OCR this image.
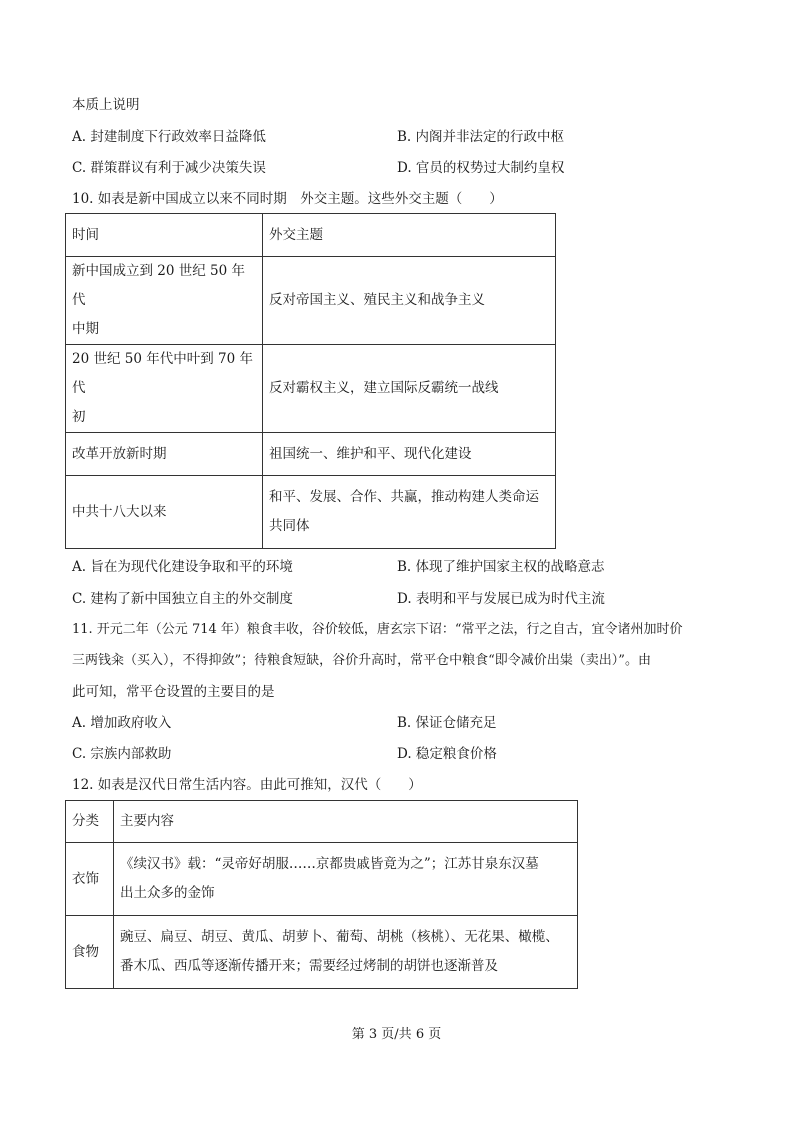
本质上说明
A. 封建制度下行政效率日益降低	B. 内阁并非法定的行政中枢
C. 群策群议有利于减少决策失误	D. 官员的权势过大制约皇权
10. 如表是新中国成立以来不同时期　外交主题。这些外交主题（　　）
时间	外交主题

新中国成立到 20 世纪 50 年代
中期	反对帝国主义、殖民主义和战争主义

20 世纪 50 年代中叶到 70 年代
初	反对霸权主义，建立国际反霸统一战线
改革开放新时期	祖国统一、维护和平、现代化建设
中共十八大以来	和平、发展、合作、共赢，推动构建人类命运
共同体
A. 旨在为现代化建设争取和平的环境	B. 体现了维护国家主权的战略意志
C. 建构了新中国独立自主的外交制度	D. 表明和平与发展已成为时代主流
11. 开元二年（公元 714 年）粮食丰收，谷价较低，唐玄宗下诏：“常平之法，行之自古，宜令诸州加时价
三两钱籴（买入），不得抑敛”；待粮食短缺，谷价升高时，常平仓中粮食“即令减价出粜（卖出）”。由
此可知，常平仓设置的主要目的是
A. 增加政府收入	B. 保证仓储充足
C. 宗族内部救助	D. 稳定粮食价格
12. 如表是汉代日常生活内容。由此可推知，汉代（　　）
分类	主要内容
衣饰	《续汉书》载：“灵帝好胡服……京都贵戚皆竟为之”；江苏甘泉东汉墓
出土众多的金饰

食物	豌豆、扁豆、胡豆、黄瓜、胡萝卜、葡萄、胡桃（核桃）、无花果、橄榄、
番木瓜、西瓜等逐渐传播开来；需要经过烤制的胡饼也逐渐普及
第 3 页/共 6 页
